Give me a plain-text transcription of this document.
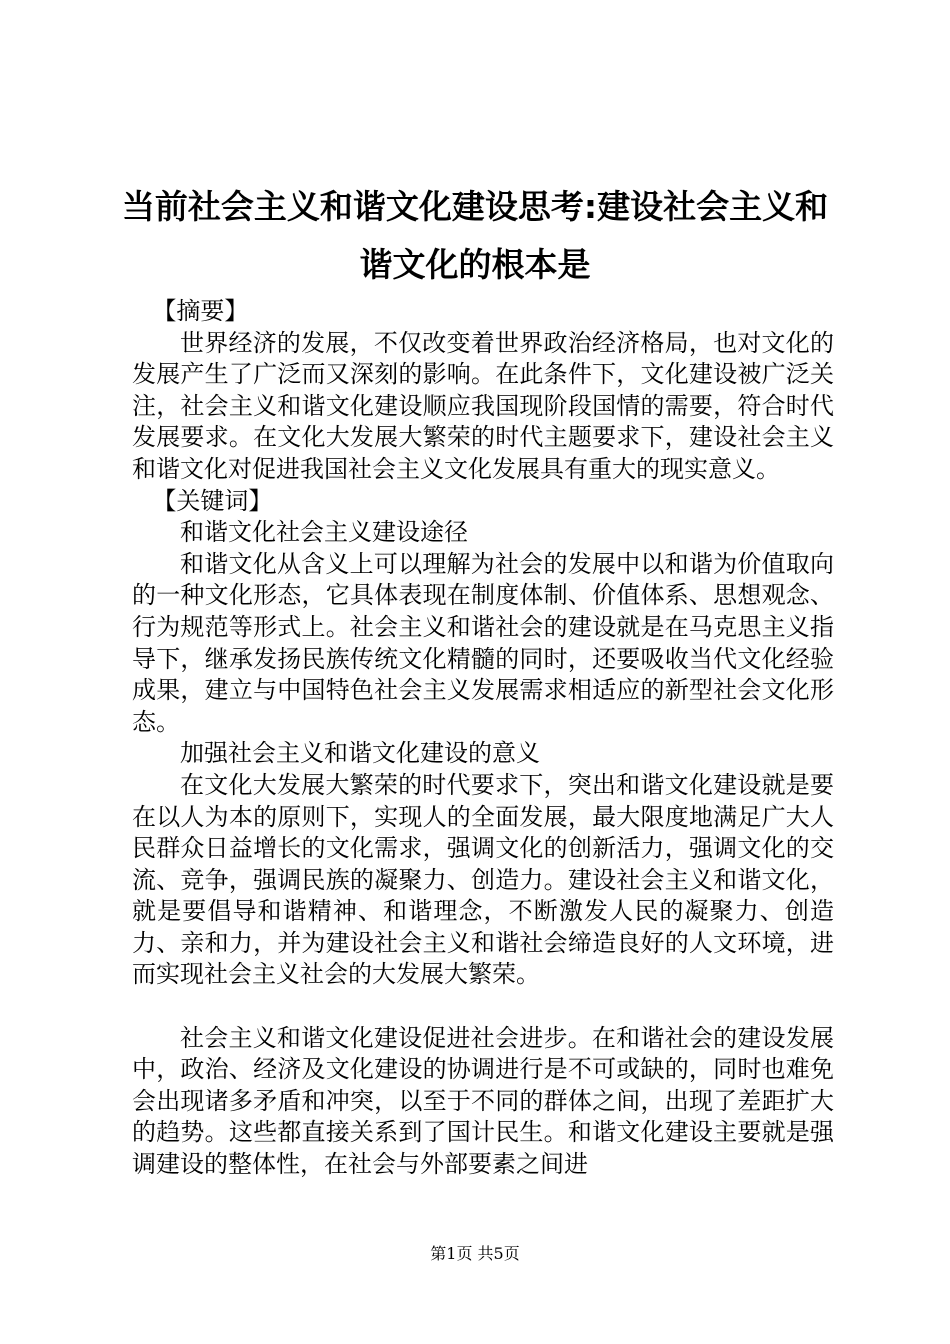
当前社会主义和谐文化建设思考:建设社会主义和谐文化的根本是

【摘要】

世界经济的发展，不仅改变着世界政治经济格局，也对文化的发展产生了广泛而又深刻的影响。在此条件下，文化建设被广泛关注，社会主义和谐文化建设顺应我国现阶段国情的需要，符合时代发展要求。在文化大发展大繁荣的时代主题要求下，建设社会主义和谐文化对促进我国社会主义文化发展具有重大的现实意义。

【关键词】

和谐文化社会主义建设途径

和谐文化从含义上可以理解为社会的发展中以和谐为价值取向的一种文化形态，它具体表现在制度体制、价值体系、思想观念、行为规范等形式上。社会主义和谐社会的建设就是在马克思主义指导下，继承发扬民族传统文化精髓的同时，还要吸收当代文化经验成果，建立与中国特色社会主义发展需求相适应的新型社会文化形态。

加强社会主义和谐文化建设的意义

在文化大发展大繁荣的时代要求下，突出和谐文化建设就是要在以人为本的原则下，实现人的全面发展，最大限度地满足广大人民群众日益增长的文化需求，强调文化的创新活力，强调文化的交流、竞争，强调民族的凝聚力、创造力。建设社会主义和谐文化，就是要倡导和谐精神、和谐理念，不断激发人民的凝聚力、创造力、亲和力，并为建设社会主义和谐社会缔造良好的人文环境，进而实现社会主义社会的大发展大繁荣。

社会主义和谐文化建设促进社会进步。在和谐社会的建设发展中，政治、经济及文化建设的协调进行是不可或缺的，同时也难免会出现诸多矛盾和冲突，以至于不同的群体之间，出现了差距扩大的趋势。这些都直接关系到了国计民生。和谐文化建设主要就是强调建设的整体性，在社会与外部要素之间进

第1页 共5页
